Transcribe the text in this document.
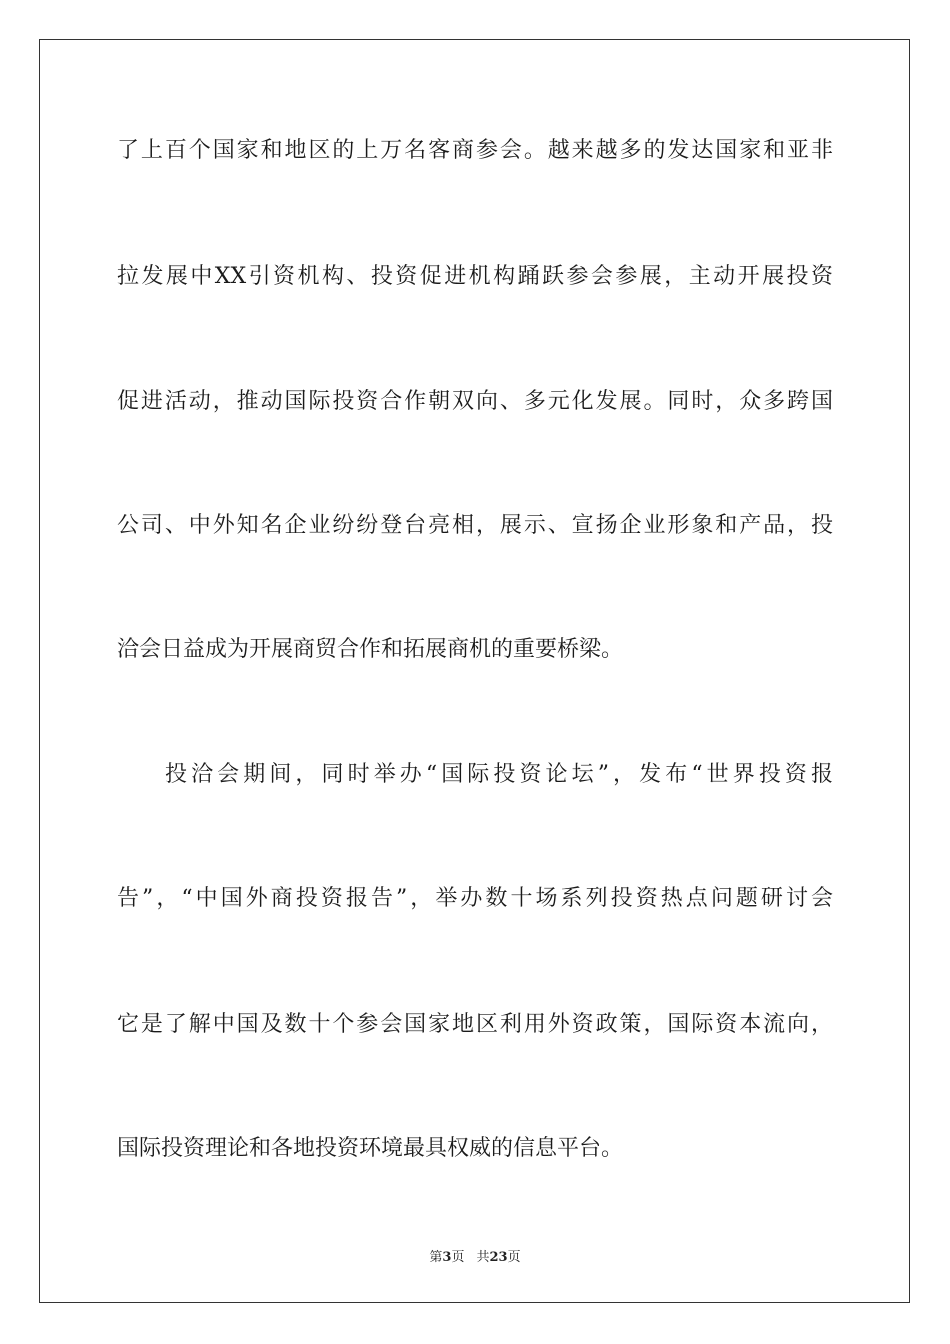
了上百个国家和地区的上万名客商参会。越来越多的发达国家和亚非
拉发展中XX引资机构、投资促进机构踊跃参会参展，主动开展投资
促进活动，推动国际投资合作朝双向、多元化发展。同时，众多跨国
公司、中外知名企业纷纷登台亮相，展示、宣扬企业形象和产品，投
洽会日益成为开展商贸合作和拓展商机的重要桥梁。
投洽会期间，同时举办“国际投资论坛”，发布“世界投资报
告”，“中国外商投资报告”，举办数十场系列投资热点问题研讨会
它是了解中国及数十个参会国家地区利用外资政策，国际资本流向，
国际投资理论和各地投资环境最具权威的信息平台。
第3页 共23页
